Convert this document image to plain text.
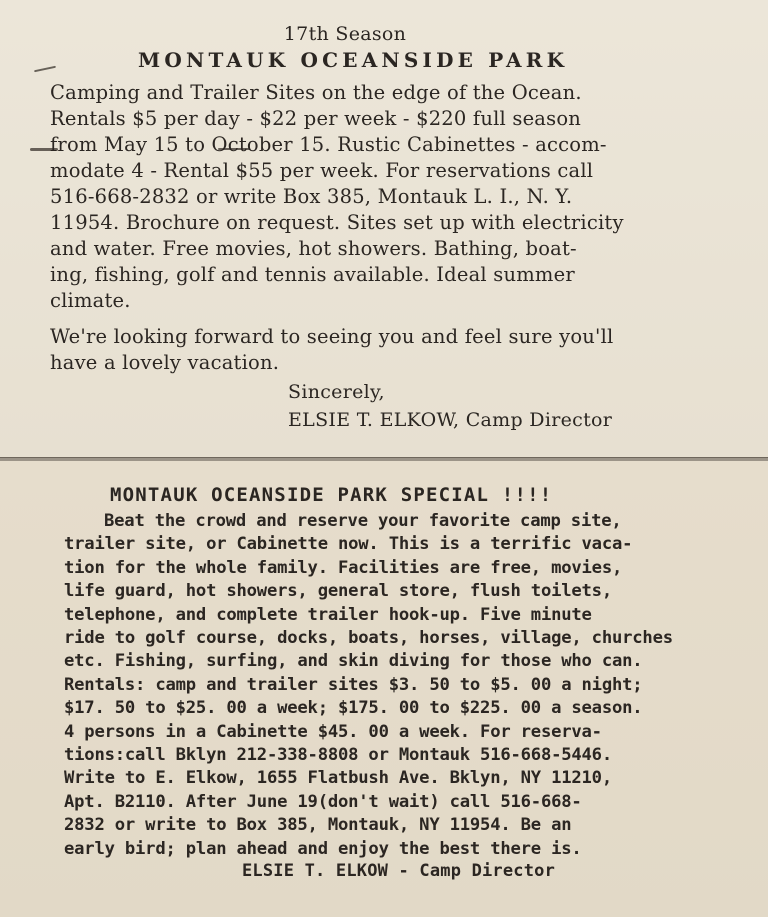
17th Season
MONTAUK OCEANSIDE PARK
Camping and Trailer Sites on the edge of the Ocean.
Rentals $5 per day - $22 per week - $220 full season
from May 15 to October 15. Rustic Cabinettes - accom-
modate 4 - Rental $55 per week. For reservations call
516-668-2832 or write Box 385, Montauk L. I., N. Y.
11954. Brochure on request. Sites set up with electricity
and water. Free movies, hot showers. Bathing, boat-
ing, fishing, golf and tennis available. Ideal summer
climate.
We're looking forward to seeing you and feel sure you'll
have a lovely vacation.
Sincerely,
ELSIE T. ELKOW, Camp Director
MONTAUK OCEANSIDE PARK SPECIAL !!!!
Beat the crowd and reserve your favorite camp site,
trailer site, or Cabinette now. This is a terrific vaca-
tion for the whole family. Facilities are free, movies,
life guard, hot showers, general store, flush toilets,
telephone, and complete trailer hook-up. Five minute
ride to golf course, docks, boats, horses, village, churches
etc. Fishing, surfing, and skin diving for those who can.
Rentals: camp and trailer sites $3. 50 to $5. 00 a night;
$17. 50 to $25. 00 a week; $175. 00 to $225. 00 a season.
4 persons in a Cabinette $45. 00 a week. For reserva-
tions:call Bklyn 212-338-8808 or Montauk 516-668-5446.
Write to E. Elkow, 1655 Flatbush Ave. Bklyn, NY 11210,
Apt. B2110. After June 19(don't wait) call 516-668-
2832 or write to Box 385, Montauk, NY 11954. Be an
early bird; plan ahead and enjoy the best there is.
ELSIE T. ELKOW - Camp Director
